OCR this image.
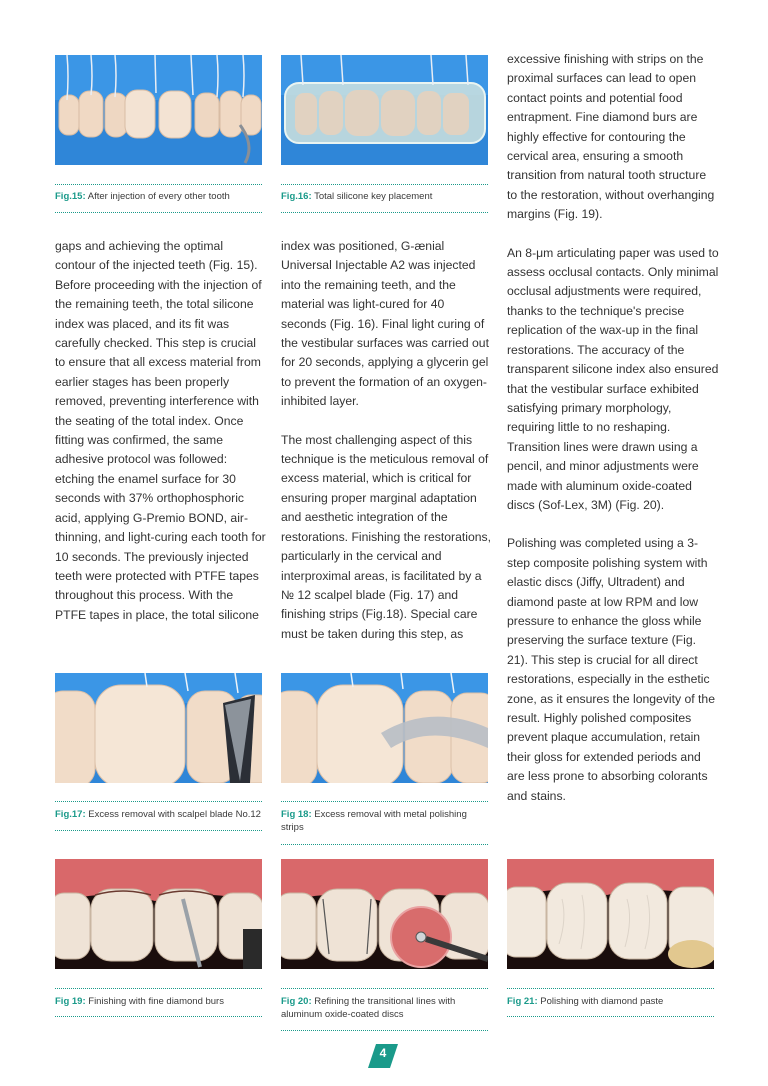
Fig.15: After injection of every other tooth	Fig.16: Total silicone key placement

gaps and achieving the optimal contour of the injected teeth (Fig. 15). Before proceeding with the injection of the remaining teeth, the total silicone index was placed, and its fit was carefully checked. This step is crucial to ensure that all excess material from earlier stages has been properly removed, preventing interference with the seating of the total index. Once fitting was confirmed, the same adhesive protocol was followed: etching the enamel surface for 30 seconds with 37% orthophosphoric acid, applying G-Premio BOND, air-thinning, and light-curing each tooth for 10 seconds. The previously injected teeth were protected with PTFE tapes throughout this process. With the PTFE tapes in place, the total silicone

index was positioned, G-ænial Universal Injectable A2 was injected into the remaining teeth, and the material was light-cured for 40 seconds (Fig. 16). Final light curing of the vestibular surfaces was carried out for 20 seconds, applying a glycerin gel to prevent the formation of an oxygen-inhibited layer.

The most challenging aspect of this technique is the meticulous removal of excess material, which is critical for ensuring proper marginal adaptation and aesthetic integration of the restorations. Finishing the restorations, particularly in the cervical and interproximal areas, is facilitated by a № 12 scalpel blade (Fig. 17) and finishing strips (Fig.18). Special care must be taken during this step, as

excessive finishing with strips on the proximal surfaces can lead to open contact points and potential food entrapment. Fine diamond burs are highly effective for contouring the cervical area, ensuring a smooth transition from natural tooth structure to the restoration, without overhanging margins (Fig. 19).

An 8-μm articulating paper was used to assess occlusal contacts. Only minimal occlusal adjustments were required, thanks to the technique's precise replication of the wax-up in the final restorations. The accuracy of the transparent silicone index also ensured that the vestibular surface exhibited satisfying primary morphology, requiring little to no reshaping. Transition lines were drawn using a pencil, and minor adjustments were made with aluminum oxide-coated discs (Sof-Lex, 3M) (Fig. 20).

Polishing was completed using a 3-step composite polishing system with elastic discs (Jiffy, Ultradent) and diamond paste at low RPM and low pressure to enhance the gloss while preserving the surface texture (Fig. 21). This step is crucial for all direct restorations, especially in the esthetic zone, as it ensures the longevity of the result. Highly polished composites prevent plaque accumulation, retain their gloss for extended periods and are less prone to absorbing colorants and stains.

Fig.17: Excess removal with scalpel blade No.12	Fig 18: Excess removal with metal polishing strips
Fig 19: Finishing with fine diamond burs	Fig 20: Refining the transitional lines with aluminum oxide-coated discs
Fig 21: Polishing with diamond paste
4
